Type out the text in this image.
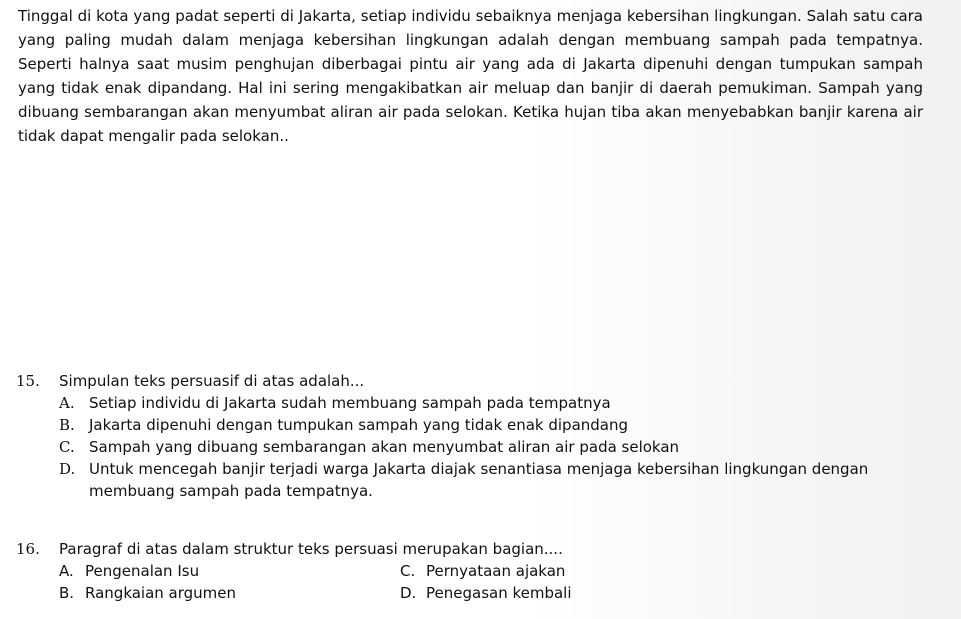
Tinggal di kota yang padat seperti di Jakarta, setiap individu sebaiknya menjaga kebersihan lingkungan. Salah satu cara yang paling mudah dalam menjaga kebersihan lingkungan adalah dengan membuang sampah pada tempatnya. Seperti halnya saat musim penghujan diberbagai pintu air yang ada di Jakarta dipenuhi dengan tumpukan sampah yang tidak enak dipandang. Hal ini sering mengakibatkan air meluap dan banjir di daerah pemukiman. Sampah yang dibuang sembarangan akan menyumbat aliran air pada selokan. Ketika hujan tiba akan menyebabkan banjir karena air tidak dapat mengalir pada selokan..

15.	Simpulan teks persuasif di atas adalah...
A. Setiap individu di Jakarta sudah membuang sampah pada tempatnya
B. Jakarta dipenuhi dengan tumpukan sampah yang tidak enak dipandang
C. Sampah yang dibuang sembarangan akan menyumbat aliran air pada selokan
D. Untuk mencegah banjir terjadi warga Jakarta diajak senantiasa menjaga kebersihan lingkungan dengan membuang sampah pada tempatnya.
16.	Paragraf di atas dalam struktur teks persuasi merupakan bagian....
A. Pengenalan Isu	C. Pernyataan ajakan
B. Rangkaian argumen	D. Penegasan kembali
